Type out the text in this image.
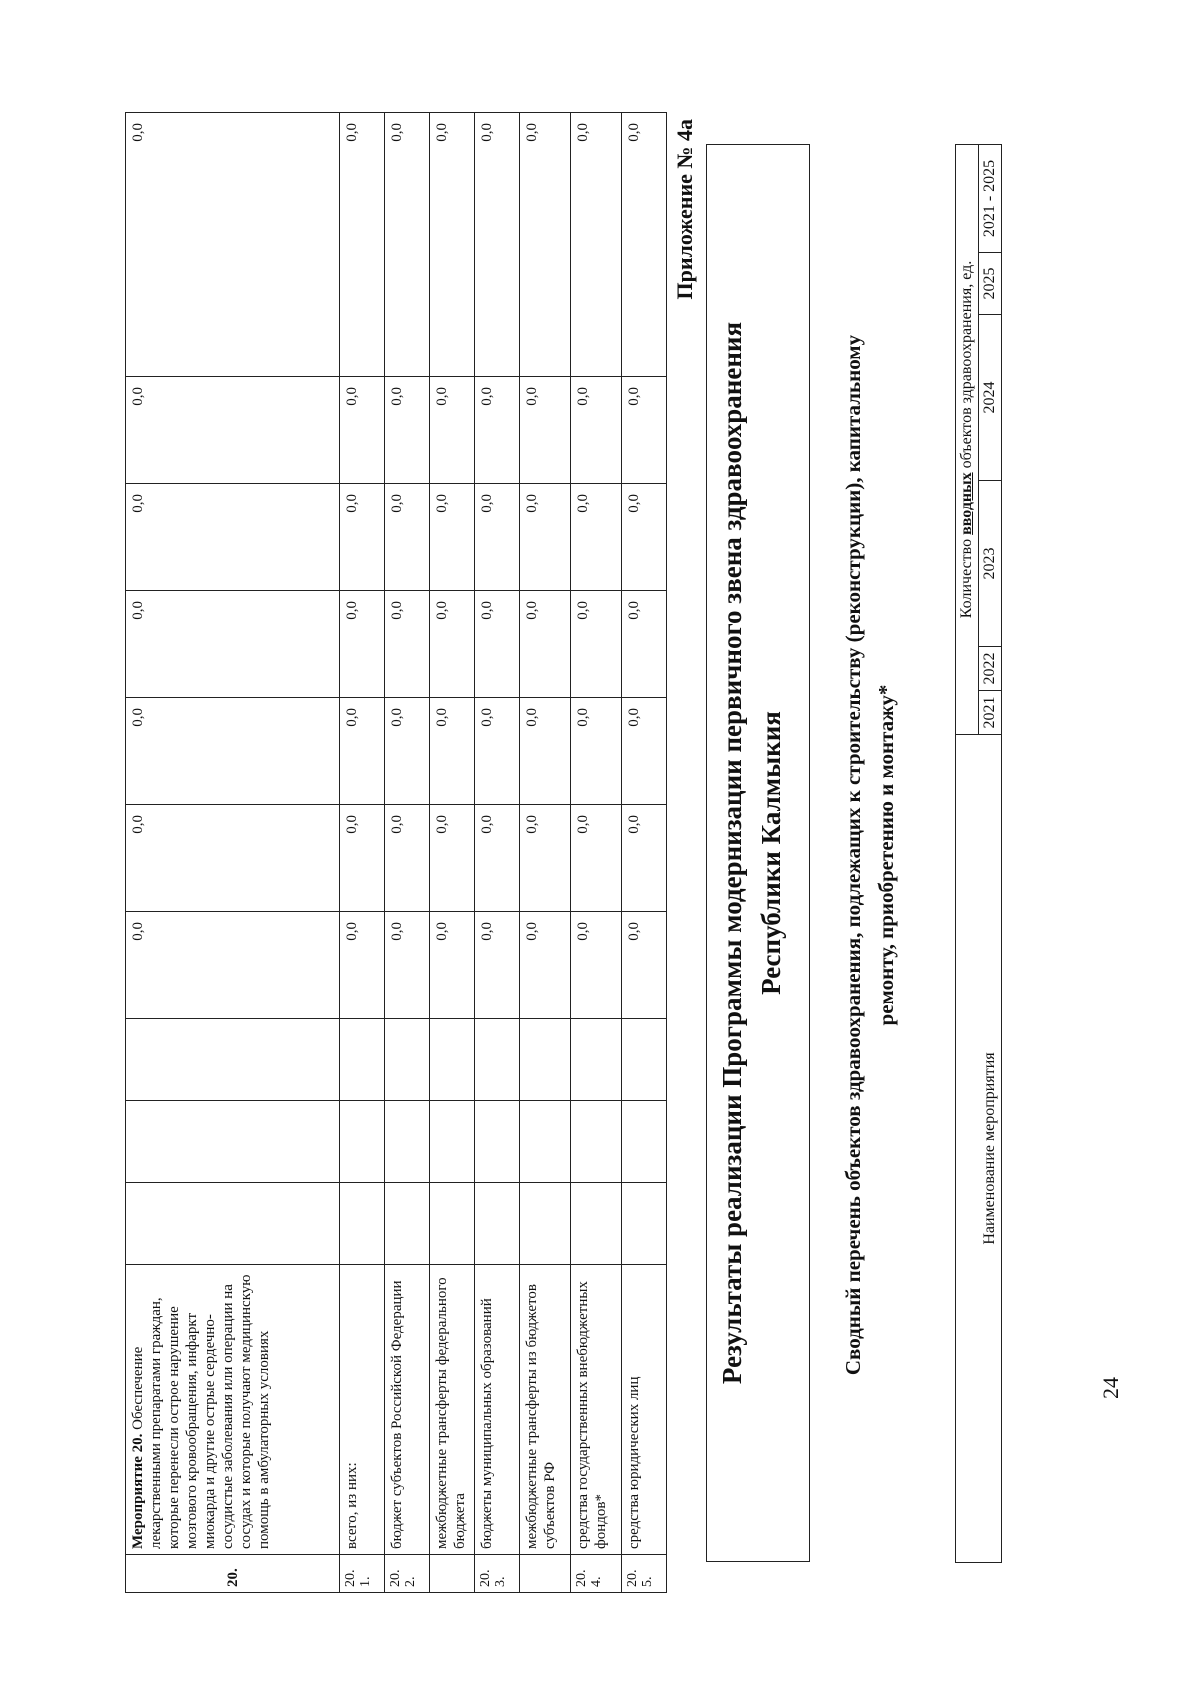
20.	Мероприятие 20. Обеспечение лекарственными препаратами граждан, которые перенесли острое нарушение мозгового кровообращения, инфаркт миокарда и другие острые сердечно-сосудистые заболевания или операции на сосудах и которые получают медицинскую помощь в амбулаторных условиях				0,0	0,0	0,0	0,0	0,0	0,0	0,0
20. 1.	всего, из них:				0,0	0,0	0,0	0,0	0,0	0,0	0,0
20. 2.	бюджет субъектов Российской Федерации				0,0	0,0	0,0	0,0	0,0	0,0	0,0
	межбюджетные трансферты федерального бюджета				0,0	0,0	0,0	0,0	0,0	0,0	0,0
20. 3.	бюджеты муниципальных образований				0,0	0,0	0,0	0,0	0,0	0,0	0,0
	межбюджетные трансферты из бюджетов субъектов РФ				0,0	0,0	0,0	0,0	0,0	0,0	0,0
20. 4.	средства государственных внебюджетных фондов*				0,0	0,0	0,0	0,0	0,0	0,0	0,0
20. 5.	средства юридических лиц				0,0	0,0	0,0	0,0	0,0	0,0	0,0 Приложение № 4а
Результаты реализации Программы модернизации первичного звена здравоохранения Республики Калмыкия	Сводный перечень объектов здравоохранения, подлежащих к строительству (реконструкции), капитальному ремонту, приобретению и монтажу*
Наименование мероприятия	Количество вводных объектов здравоохранения, ед.					
	2021	2022	2023	2024	2025	2021 - 2025
24
